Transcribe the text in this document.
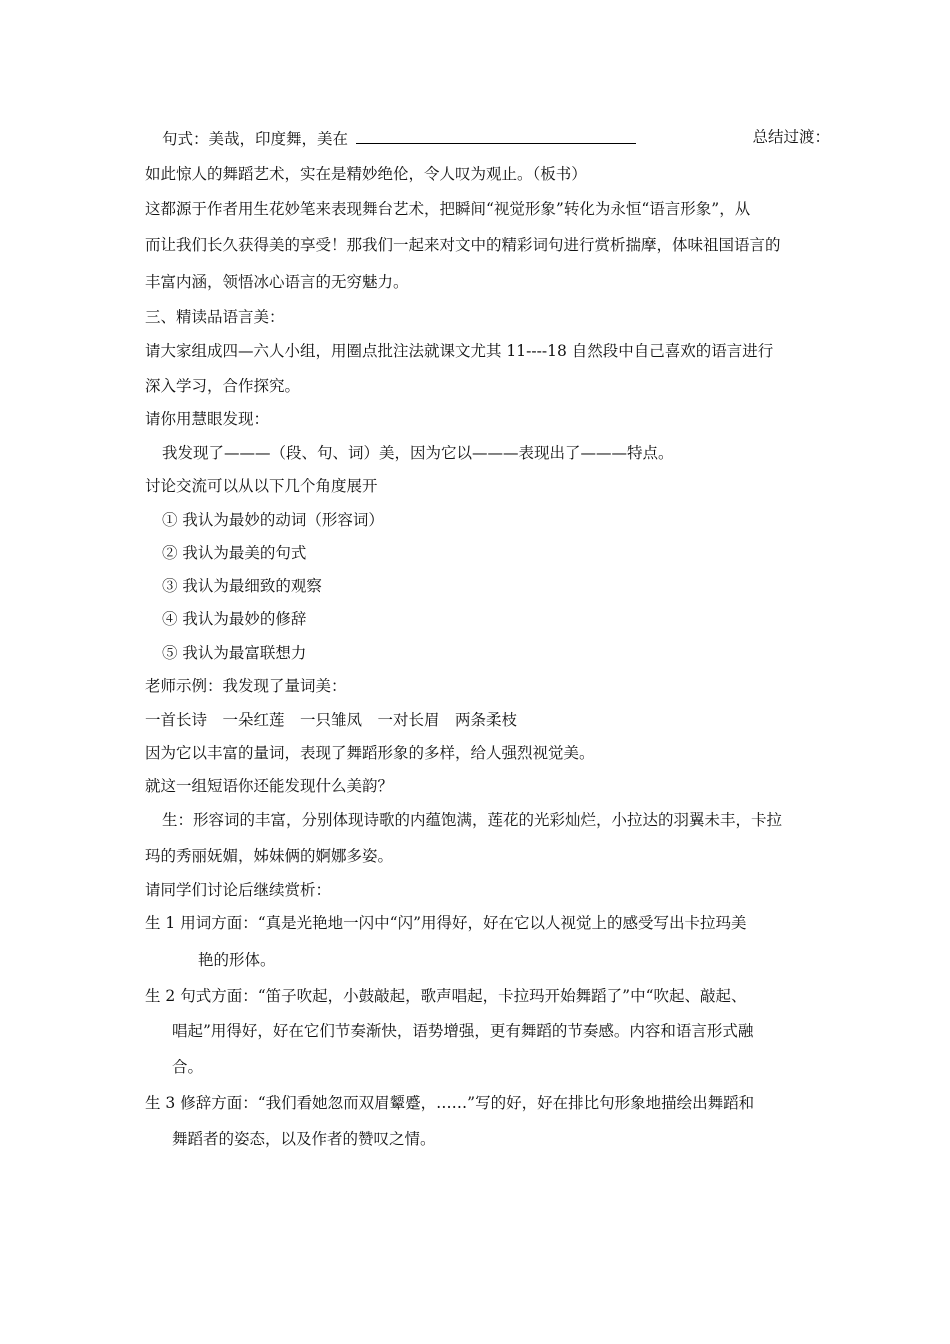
句式：美哉，印度舞，美在	总结过渡：
如此惊人的舞蹈艺术，实在是精妙绝伦，令人叹为观止。（板书）
这都源于作者用生花妙笔来表现舞台艺术，把瞬间“视觉形象”转化为永恒“语言形象”，从
而让我们长久获得美的享受！那我们一起来对文中的精彩词句进行赏析揣摩，体味祖国语言的
丰富内涵，领悟冰心语言的无穷魅力。
三、精读品语言美：
请大家组成四—六人小组，用圈点批注法就课文尤其 11----18 自然段中自己喜欢的语言进行
深入学习，合作探究。
请你用慧眼发现：
我发现了———（段、句、词）美，因为它以———表现出了———特点。
讨论交流可以从以下几个角度展开
① 我认为最妙的动词（形容词）
② 我认为最美的句式
③ 我认为最细致的观察
④ 我认为最妙的修辞
⑤ 我认为最富联想力
老师示例：我发现了量词美：
一首长诗　一朵红莲　一只雏凤　一对长眉　两条柔枝
因为它以丰富的量词，表现了舞蹈形象的多样，给人强烈视觉美。
就这一组短语你还能发现什么美韵？
生：形容词的丰富，分别体现诗歌的内蕴饱满，莲花的光彩灿烂，小拉达的羽翼未丰，卡拉
玛的秀丽妩媚，姊妹俩的婀娜多姿。
请同学们讨论后继续赏析：
生 1 用词方面：“真是光艳地一闪中“闪”用得好，好在它以人视觉上的感受写出卡拉玛美
艳的形体。
生 2 句式方面：“笛子吹起，小鼓敲起，歌声唱起，卡拉玛开始舞蹈了”中“吹起、敲起、
唱起”用得好，好在它们节奏渐快，语势增强，更有舞蹈的节奏感。内容和语言形式融
合。
生 3 修辞方面：“我们看她忽而双眉颦蹙，……”写的好，好在排比句形象地描绘出舞蹈和
舞蹈者的姿态，以及作者的赞叹之情。
